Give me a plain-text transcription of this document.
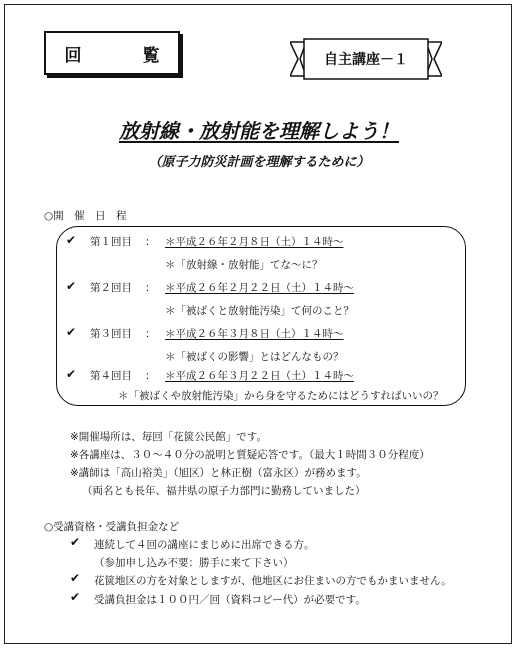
回　覧	自主講座－１
放射線・放射能を理解しよう！
（原子力防災計画を理解するために）
○開　催　日　程
✔ 第１回目 ： ＊平成２６年２月８日（土）１４時～
＊「放射線・放射能」てな～に？
✔ 第２回目 ： ＊平成２６年２月２２日（土）１４時～
＊「被ばくと放射能汚染」て何のこと？
✔ 第３回目 ： ＊平成２６年３月８日（土）１４時～
＊「被ばくの影響」とはどんなもの？
✔ 第４回目 ： ＊平成２６年３月２２日（土）１４時～
＊「被ばくや放射能汚染」から身を守るためにはどうすればいいの？
※開催場所は、毎回「花篋公民館」です。
※各講座は、３０～４０分の説明と質疑応答です。（最大１時間３０分程度）
※講師は「高山裕美」（旭区）と林正樹（富永区）が務めます。
（両名とも長年、福井県の原子力部門に勤務していました）
○受講資格・受講負担金など
✔ 連続して４回の講座にまじめに出席できる方。
（参加申し込み不要：勝手に来て下さい）
✔ 花篋地区の方を対象としますが、他地区にお住まいの方でもかまいません。
✔ 受講負担金は１００円／回（資料コピー代）が必要です。
